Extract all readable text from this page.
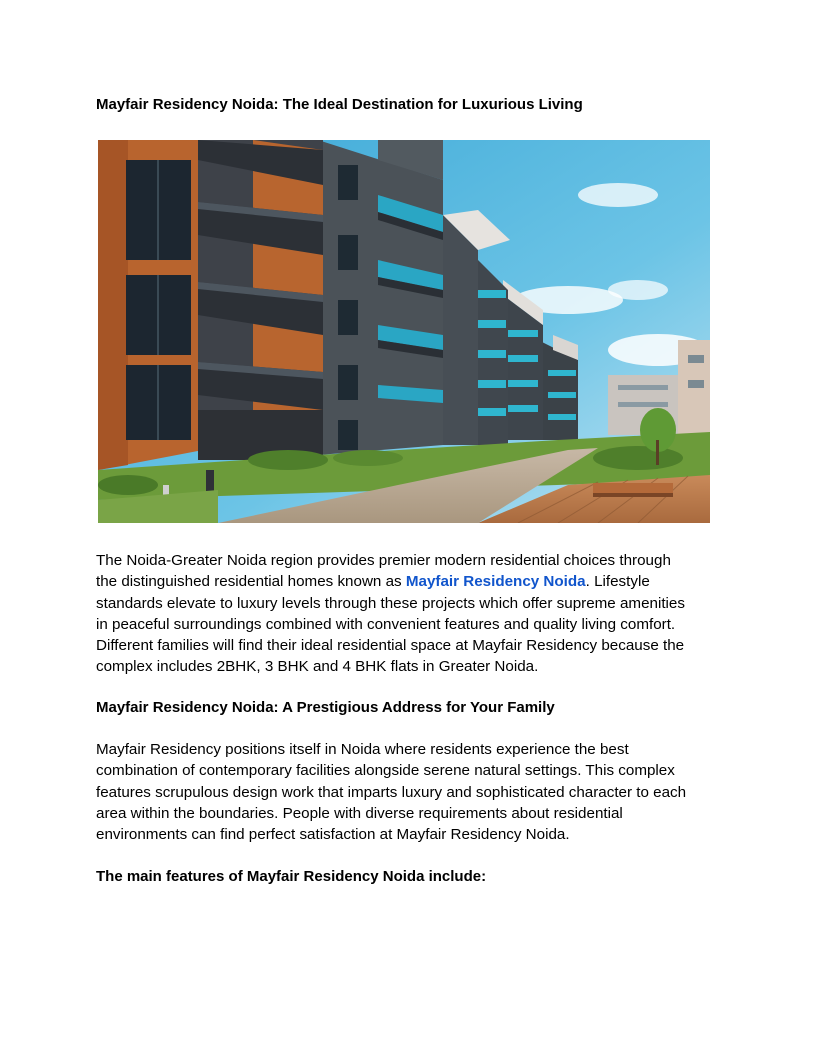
Mayfair Residency Noida: The Ideal Destination for Luxurious Living

The Noida-Greater Noida region provides premier modern residential choices through
the distinguished residential homes known as Mayfair Residency Noida. Lifestyle
standards elevate to luxury levels through these projects which offer supreme amenities
in peaceful surroundings combined with convenient features and quality living comfort.
Different families will find their ideal residential space at Mayfair Residency because the
complex includes 2BHK, 3 BHK and 4 BHK flats in Greater Noida.

Mayfair Residency Noida: A Prestigious Address for Your Family

Mayfair Residency positions itself in Noida where residents experience the best
combination of contemporary facilities alongside serene natural settings. This complex
features scrupulous design work that imparts luxury and sophisticated character to each
area within the boundaries. People with diverse requirements about residential
environments can find perfect satisfaction at Mayfair Residency Noida.

The main features of Mayfair Residency Noida include:
